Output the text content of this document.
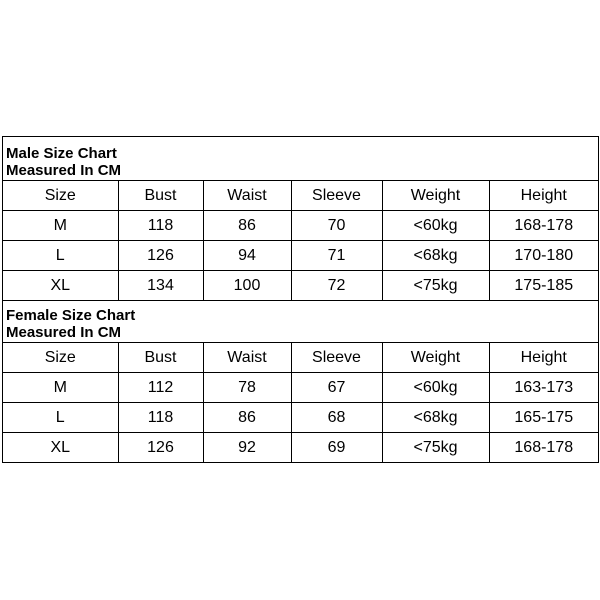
Male Size Chart
Measured In CM
Size	Bust	Waist	Sleeve	Weight	Height
M	118	86	70	<60kg	168-178
L	126	94	71	<68kg	170-180
XL	134	100	72	<75kg	175-185
Female Size Chart
Measured In CM
Size	Bust	Waist	Sleeve	Weight	Height
M	112	78	67	<60kg	163-173
L	118	86	68	<68kg	165-175
XL	126	92	69	<75kg	168-178
